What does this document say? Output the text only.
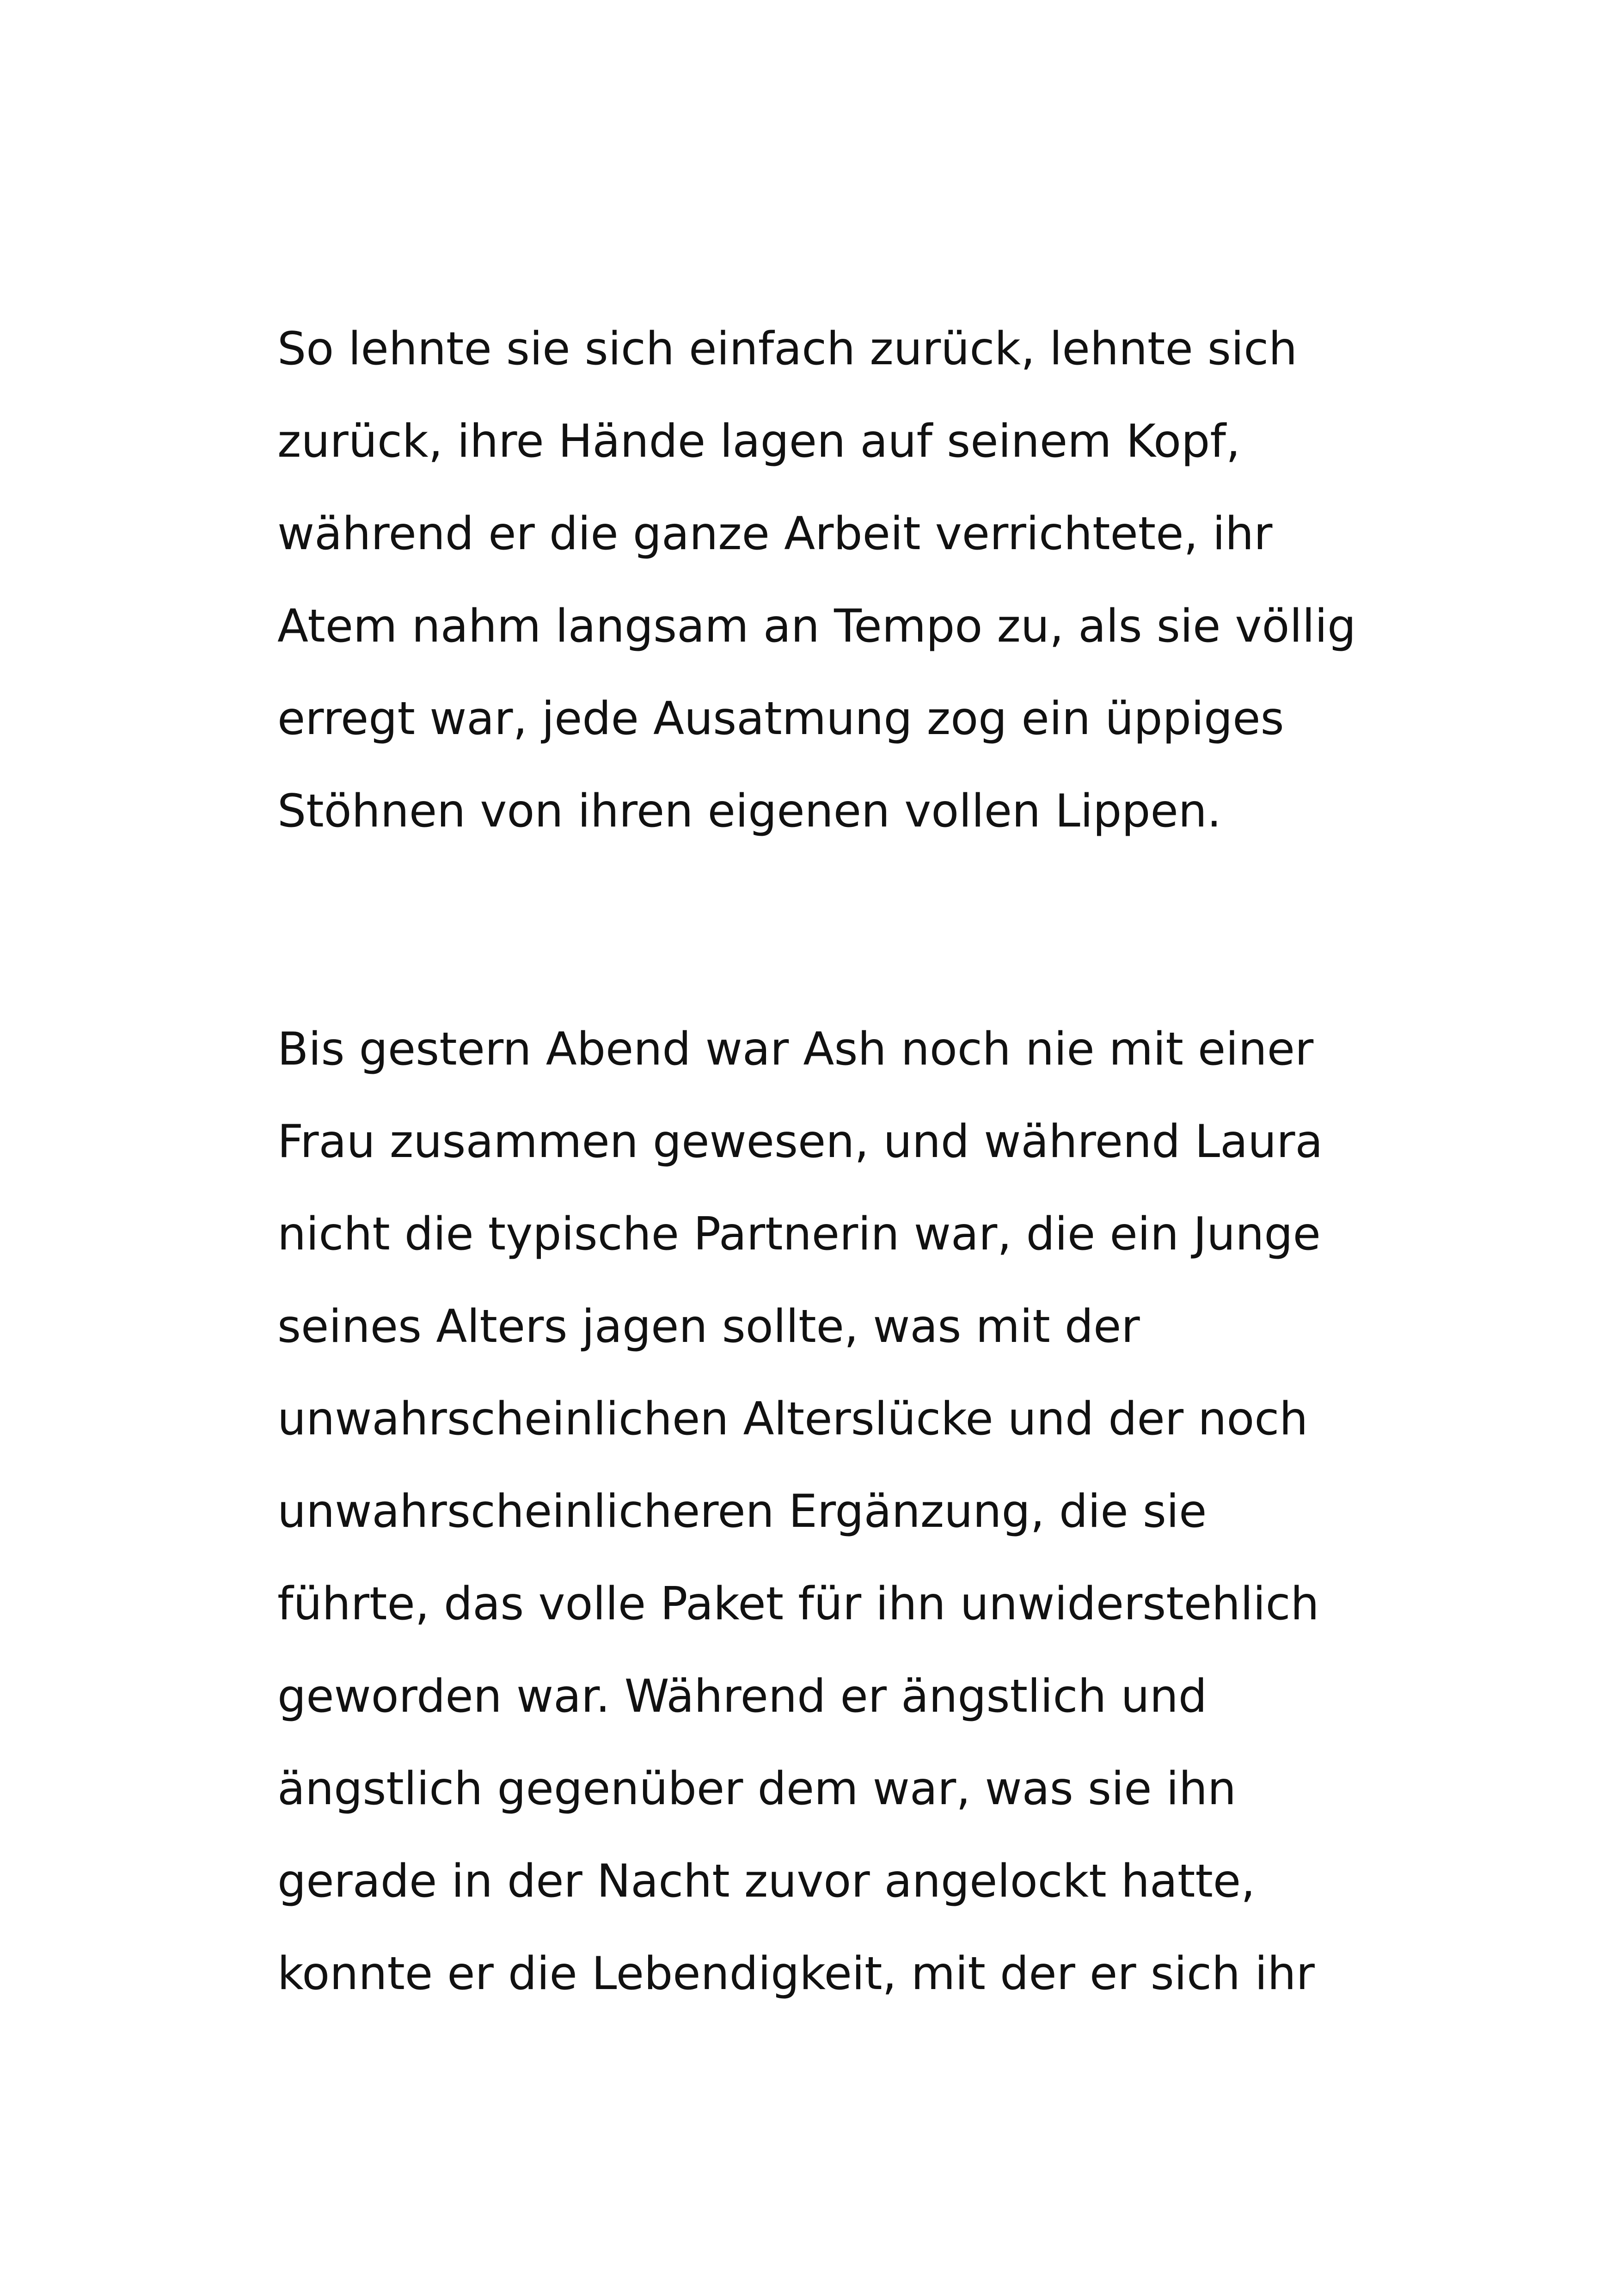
So lehnte sie sich einfach zurück, lehnte sich
zurück, ihre Hände lagen auf seinem Kopf,
während er die ganze Arbeit verrichtete, ihr
Atem nahm langsam an Tempo zu, als sie völlig
erregt war, jede Ausatmung zog ein üppiges
Stöhnen von ihren eigenen vollen Lippen.
Bis gestern Abend war Ash noch nie mit einer
Frau zusammen gewesen, und während Laura
nicht die typische Partnerin war, die ein Junge
seines Alters jagen sollte, was mit der
unwahrscheinlichen Alterslücke und der noch
unwahrscheinlicheren Ergänzung, die sie
führte, das volle Paket für ihn unwiderstehlich
geworden war. Während er ängstlich und
ängstlich gegenüber dem war, was sie ihn
gerade in der Nacht zuvor angelockt hatte,
konnte er die Lebendigkeit, mit der er sich ihr
